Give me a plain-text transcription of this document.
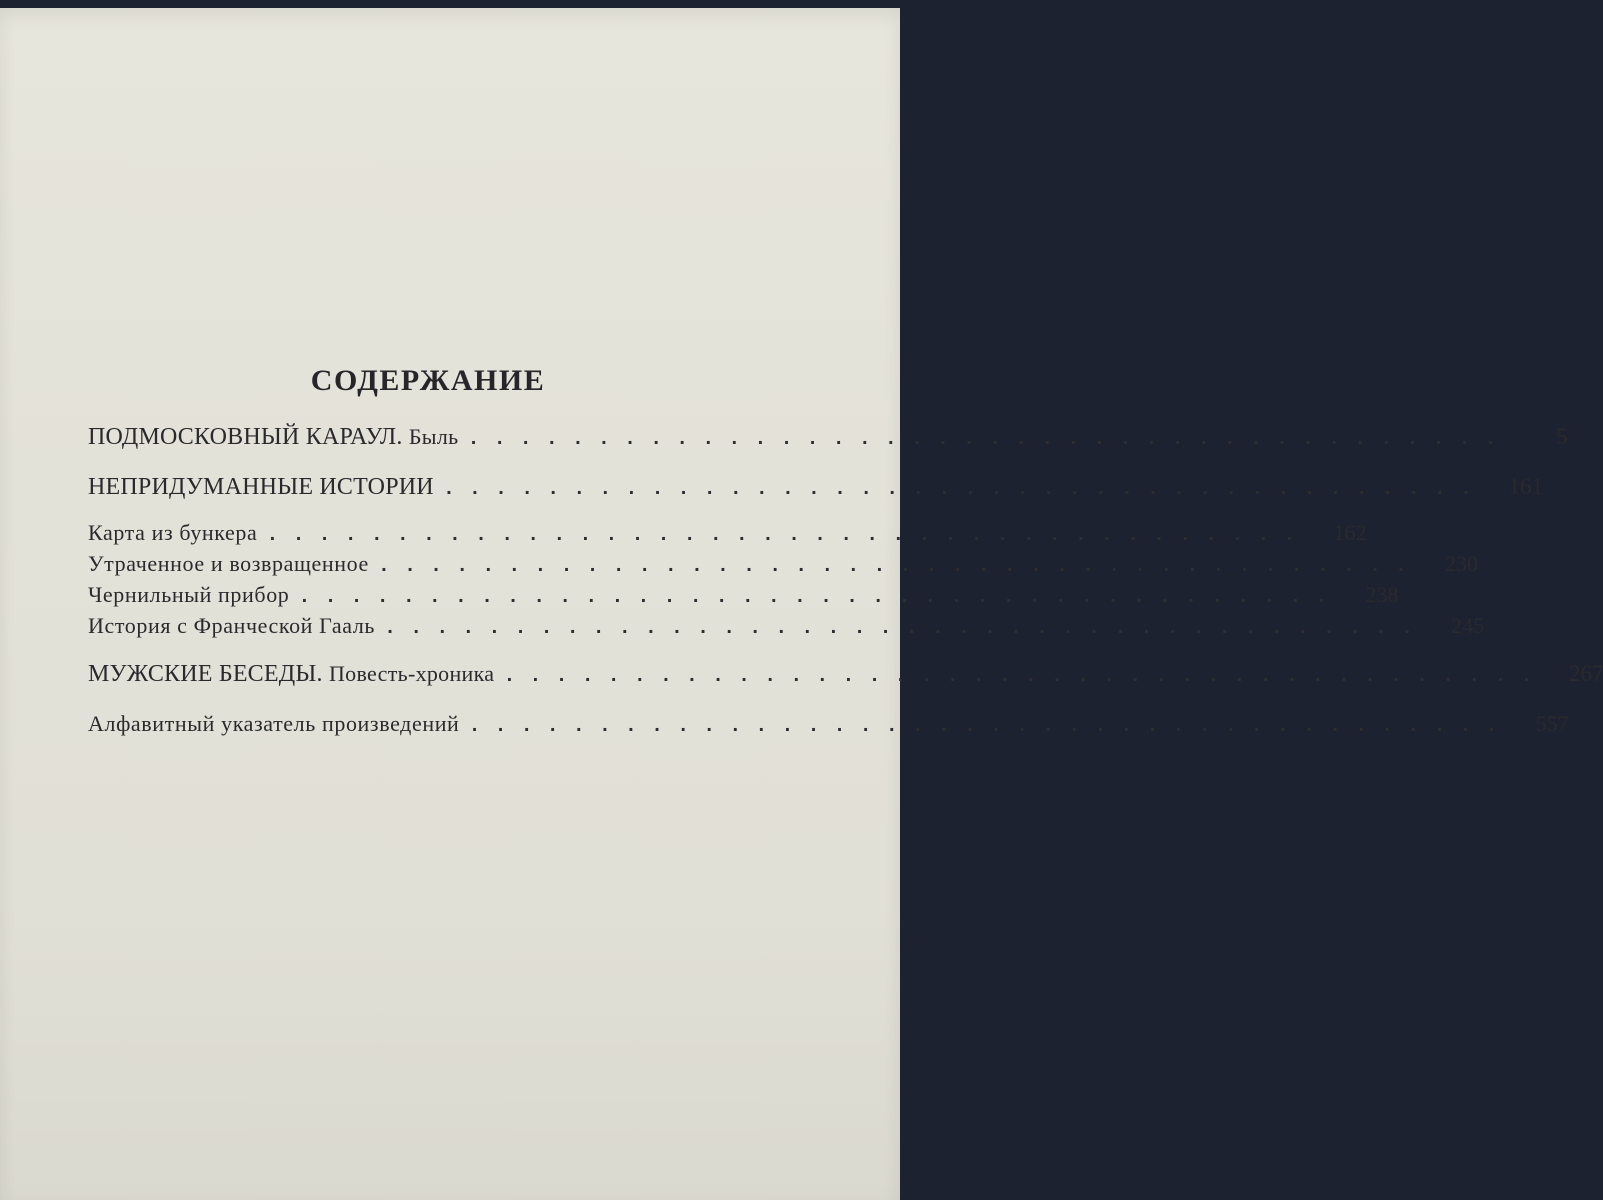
СОДЕРЖАНИЕ
ПОДМОСКОВНЫЙ КАРАУЛ. Быль ........................................	5
НЕПРИДУМАННЫЕ ИСТОРИИ ........................................ 161
Карта из бункера ........................................ 162
Утраченное и возвращенное ........................................ 230
Чернильный прибор ........................................ 238
История с Франческой Гааль ........................................ 245
МУЖСКИЕ БЕСЕДЫ. Повесть-хроника ........................................ 267
Алфавитный указатель произведений ........................................ 557
